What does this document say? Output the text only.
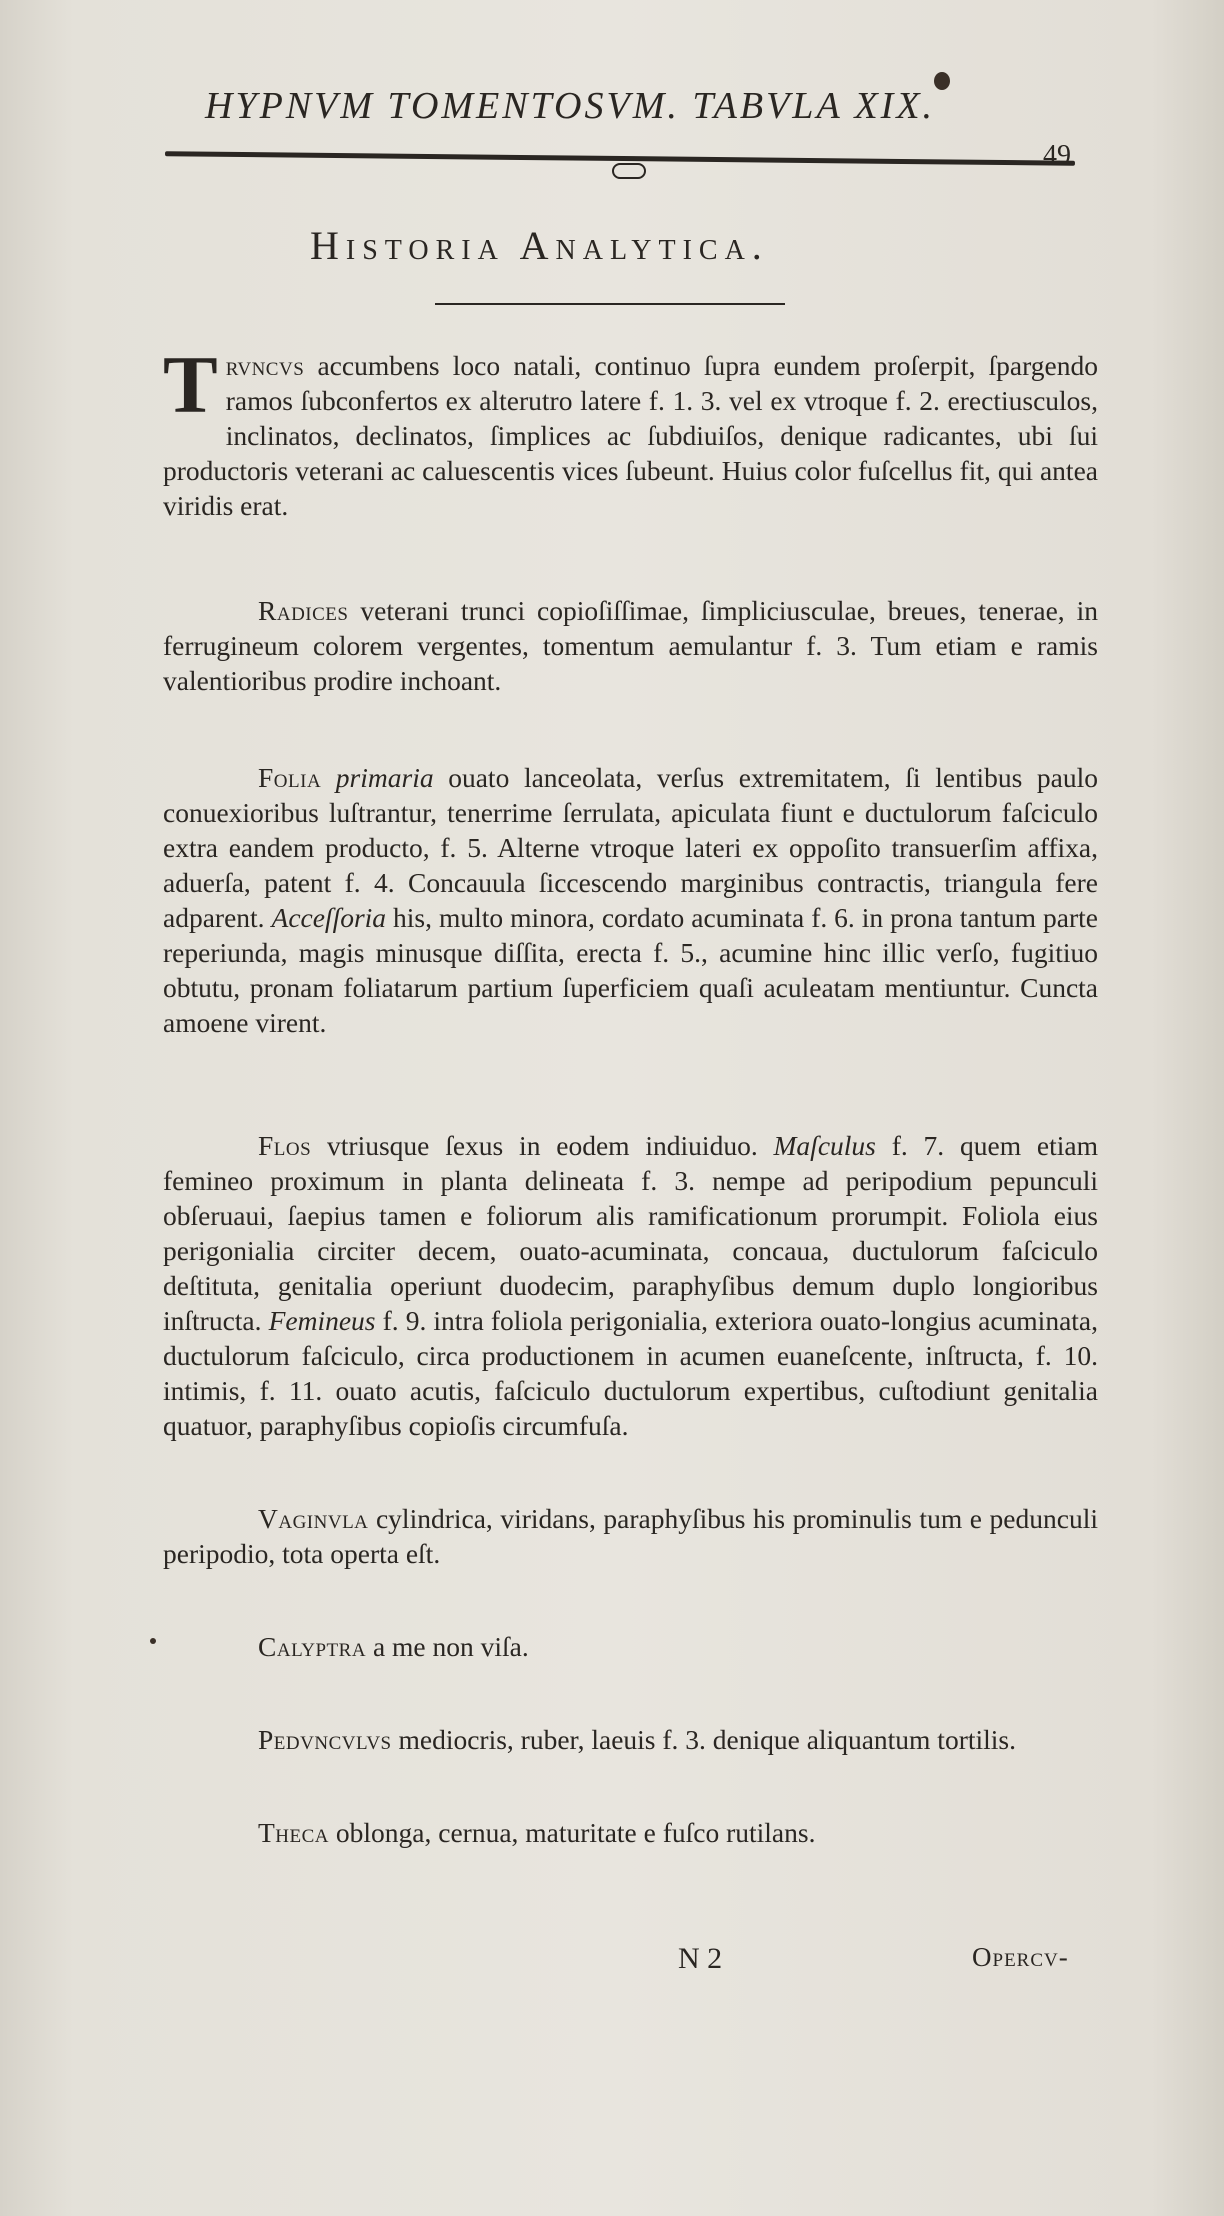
HYPNVM TOMENTOSVM. TABVLA XIX.
49
Historia Analytica.

Trvncvs accumbens loco natali, continuo ſupra eundem proſerpit, ſpargendo ramos ſubconfertos ex alterutro latere f. 1. 3. vel ex vtroque f. 2. erectiusculos, inclinatos, declinatos, ſimplices ac ſubdiuiſos, denique radicantes, ubi ſui productoris veterani ac caluescentis vices ſubeunt. Huius color fuſcellus fit, qui antea viridis erat.

Radices veterani trunci copioſiſſimae, ſimpliciusculae, breues, tenerae, in ferrugineum colorem vergentes, tomentum aemulantur f. 3. Tum etiam e ramis valentioribus prodire inchoant.

Folia primaria ouato lanceolata, verſus extremitatem, ſi lentibus paulo conuexioribus luſtrantur, tenerrime ſerrulata, apiculata fiunt e ductulorum faſciculo extra eandem producto, f. 5. Alterne vtroque lateri ex oppoſito transuerſim affixa, aduerſa, patent f. 4. Concauula ſiccescendo marginibus contractis, triangula fere adparent. Acceſſoria his, multo minora, cordato acuminata f. 6. in prona tantum parte reperiunda, magis minusque diſſita, erecta f. 5., acumine hinc illic verſo, fugitiuo obtutu, pronam foliatarum partium ſuperficiem quaſi aculeatam mentiuntur. Cuncta amoene virent.

Flos vtriusque ſexus in eodem indiuiduo. Maſculus f. 7. quem etiam femineo proximum in planta delineata f. 3. nempe ad peripodium pepunculi obſeruaui, ſaepius tamen e foliorum alis ramificationum prorumpit. Foliola eius perigonialia circiter decem, ouato-acuminata, concaua, ductulorum faſciculo deſtituta, genitalia operiunt duodecim, paraphyſibus demum duplo longioribus inſtructa. Femineus f. 9. intra foliola perigonialia, exteriora ouato-longius acuminata, ductulorum faſciculo, circa productionem in acumen euaneſcente, inſtructa, f. 10. intimis, f. 11. ouato acutis, faſciculo ductulorum expertibus, cuſtodiunt genitalia quatuor, paraphyſibus copioſis circumfuſa.

Vaginvla cylindrica, viridans, paraphyſibus his prominulis tum e pedunculi peripodio, tota operta eſt.

Calyptra a me non viſa.

Pedvncvlvs mediocris, ruber, laeuis f. 3. denique aliquantum tortilis.

Theca oblonga, cernua, maturitate e fuſco rutilans.

N 2	Opercv-
